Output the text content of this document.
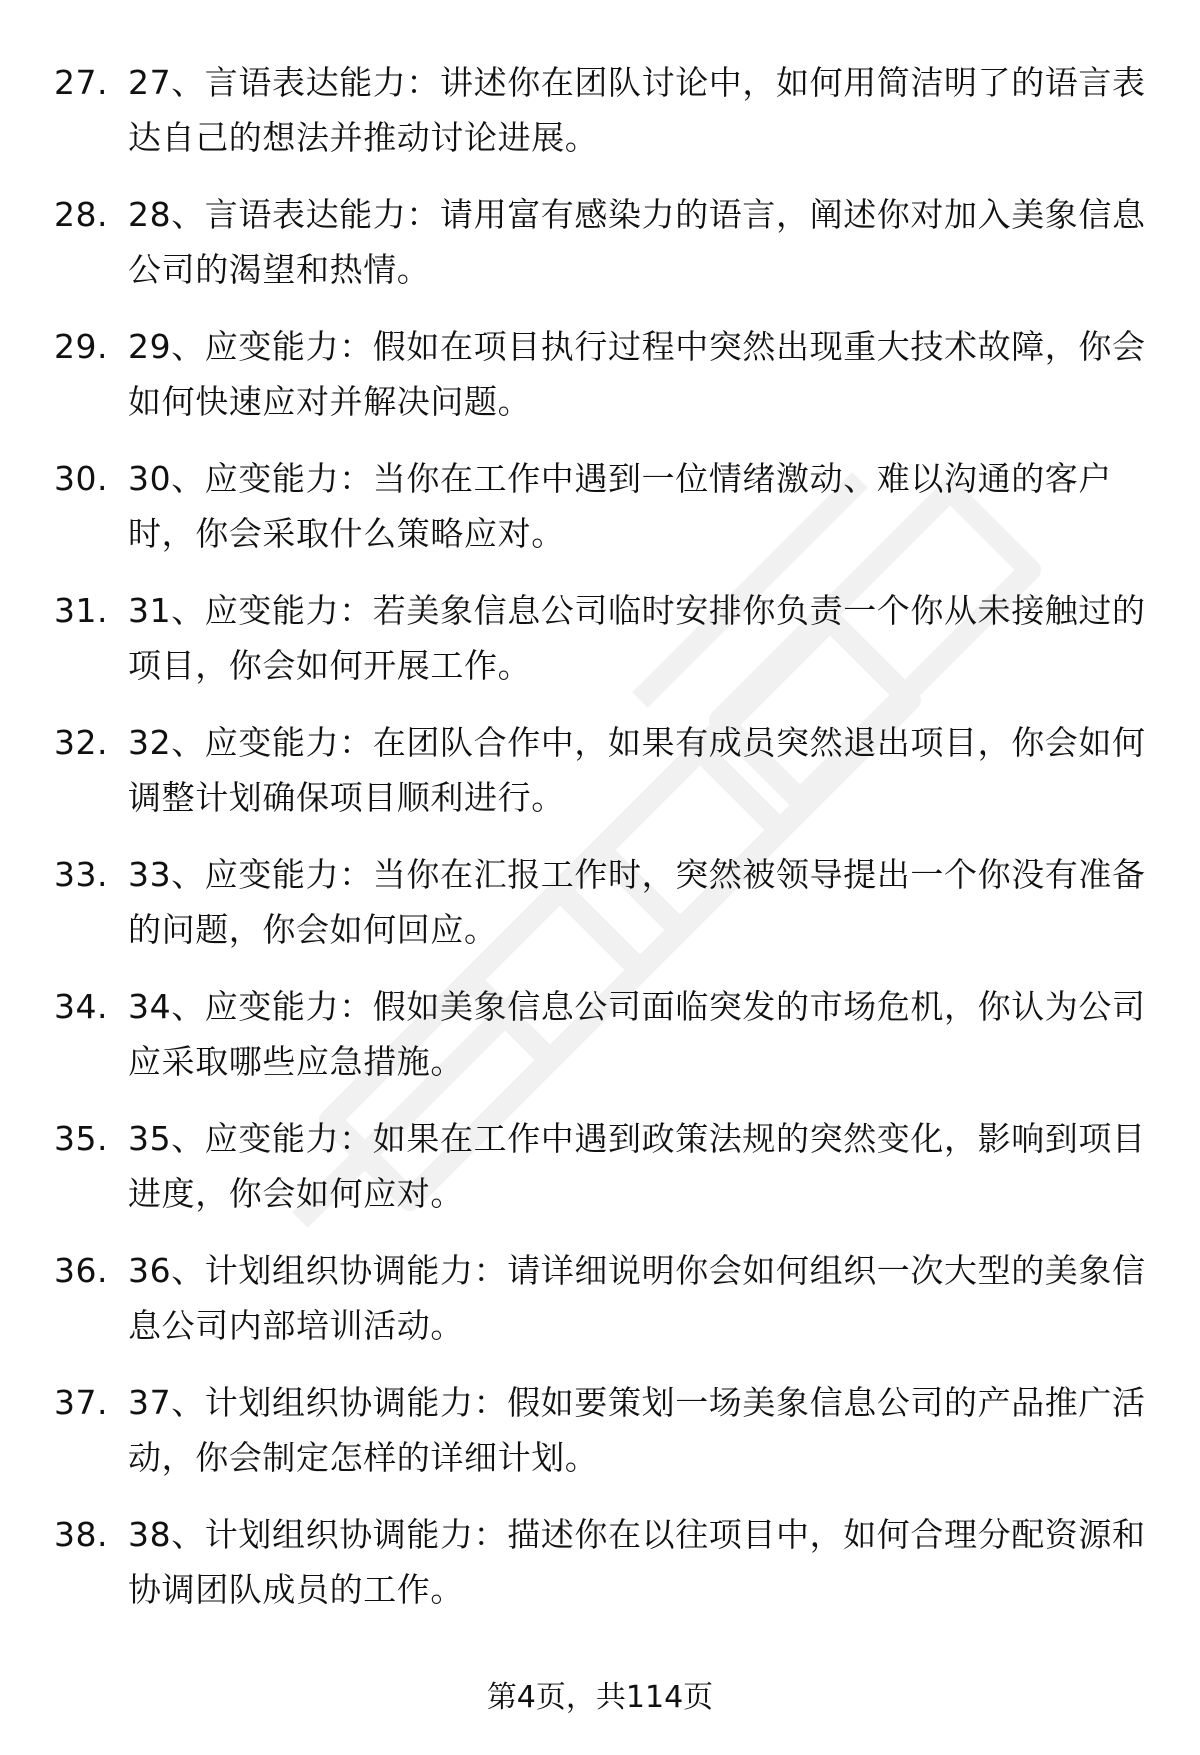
27. 27、言语表达能力：讲述你在团队讨论中，如何用简洁明了的语言表达自己的想法并推动讨论进展。
28. 28、言语表达能力：请用富有感染力的语言，阐述你对加入美象信息公司的渴望和热情。
29. 29、应变能力：假如在项目执行过程中突然出现重大技术故障，你会如何快速应对并解决问题。
30. 30、应变能力：当你在工作中遇到一位情绪激动、难以沟通的客户时，你会采取什么策略应对。
31. 31、应变能力：若美象信息公司临时安排你负责一个你从未接触过的项目，你会如何开展工作。
32. 32、应变能力：在团队合作中，如果有成员突然退出项目，你会如何调整计划确保项目顺利进行。
33. 33、应变能力：当你在汇报工作时，突然被领导提出一个你没有准备的问题，你会如何回应。
34. 34、应变能力：假如美象信息公司面临突发的市场危机，你认为公司应采取哪些应急措施。
35. 35、应变能力：如果在工作中遇到政策法规的突然变化，影响到项目进度，你会如何应对。
36. 36、计划组织协调能力：请详细说明你会如何组织一次大型的美象信息公司内部培训活动。
37. 37、计划组织协调能力：假如要策划一场美象信息公司的产品推广活动，你会制定怎样的详细计划。
38. 38、计划组织协调能力：描述你在以往项目中，如何合理分配资源和协调团队成员的工作。
第4页，共114页
